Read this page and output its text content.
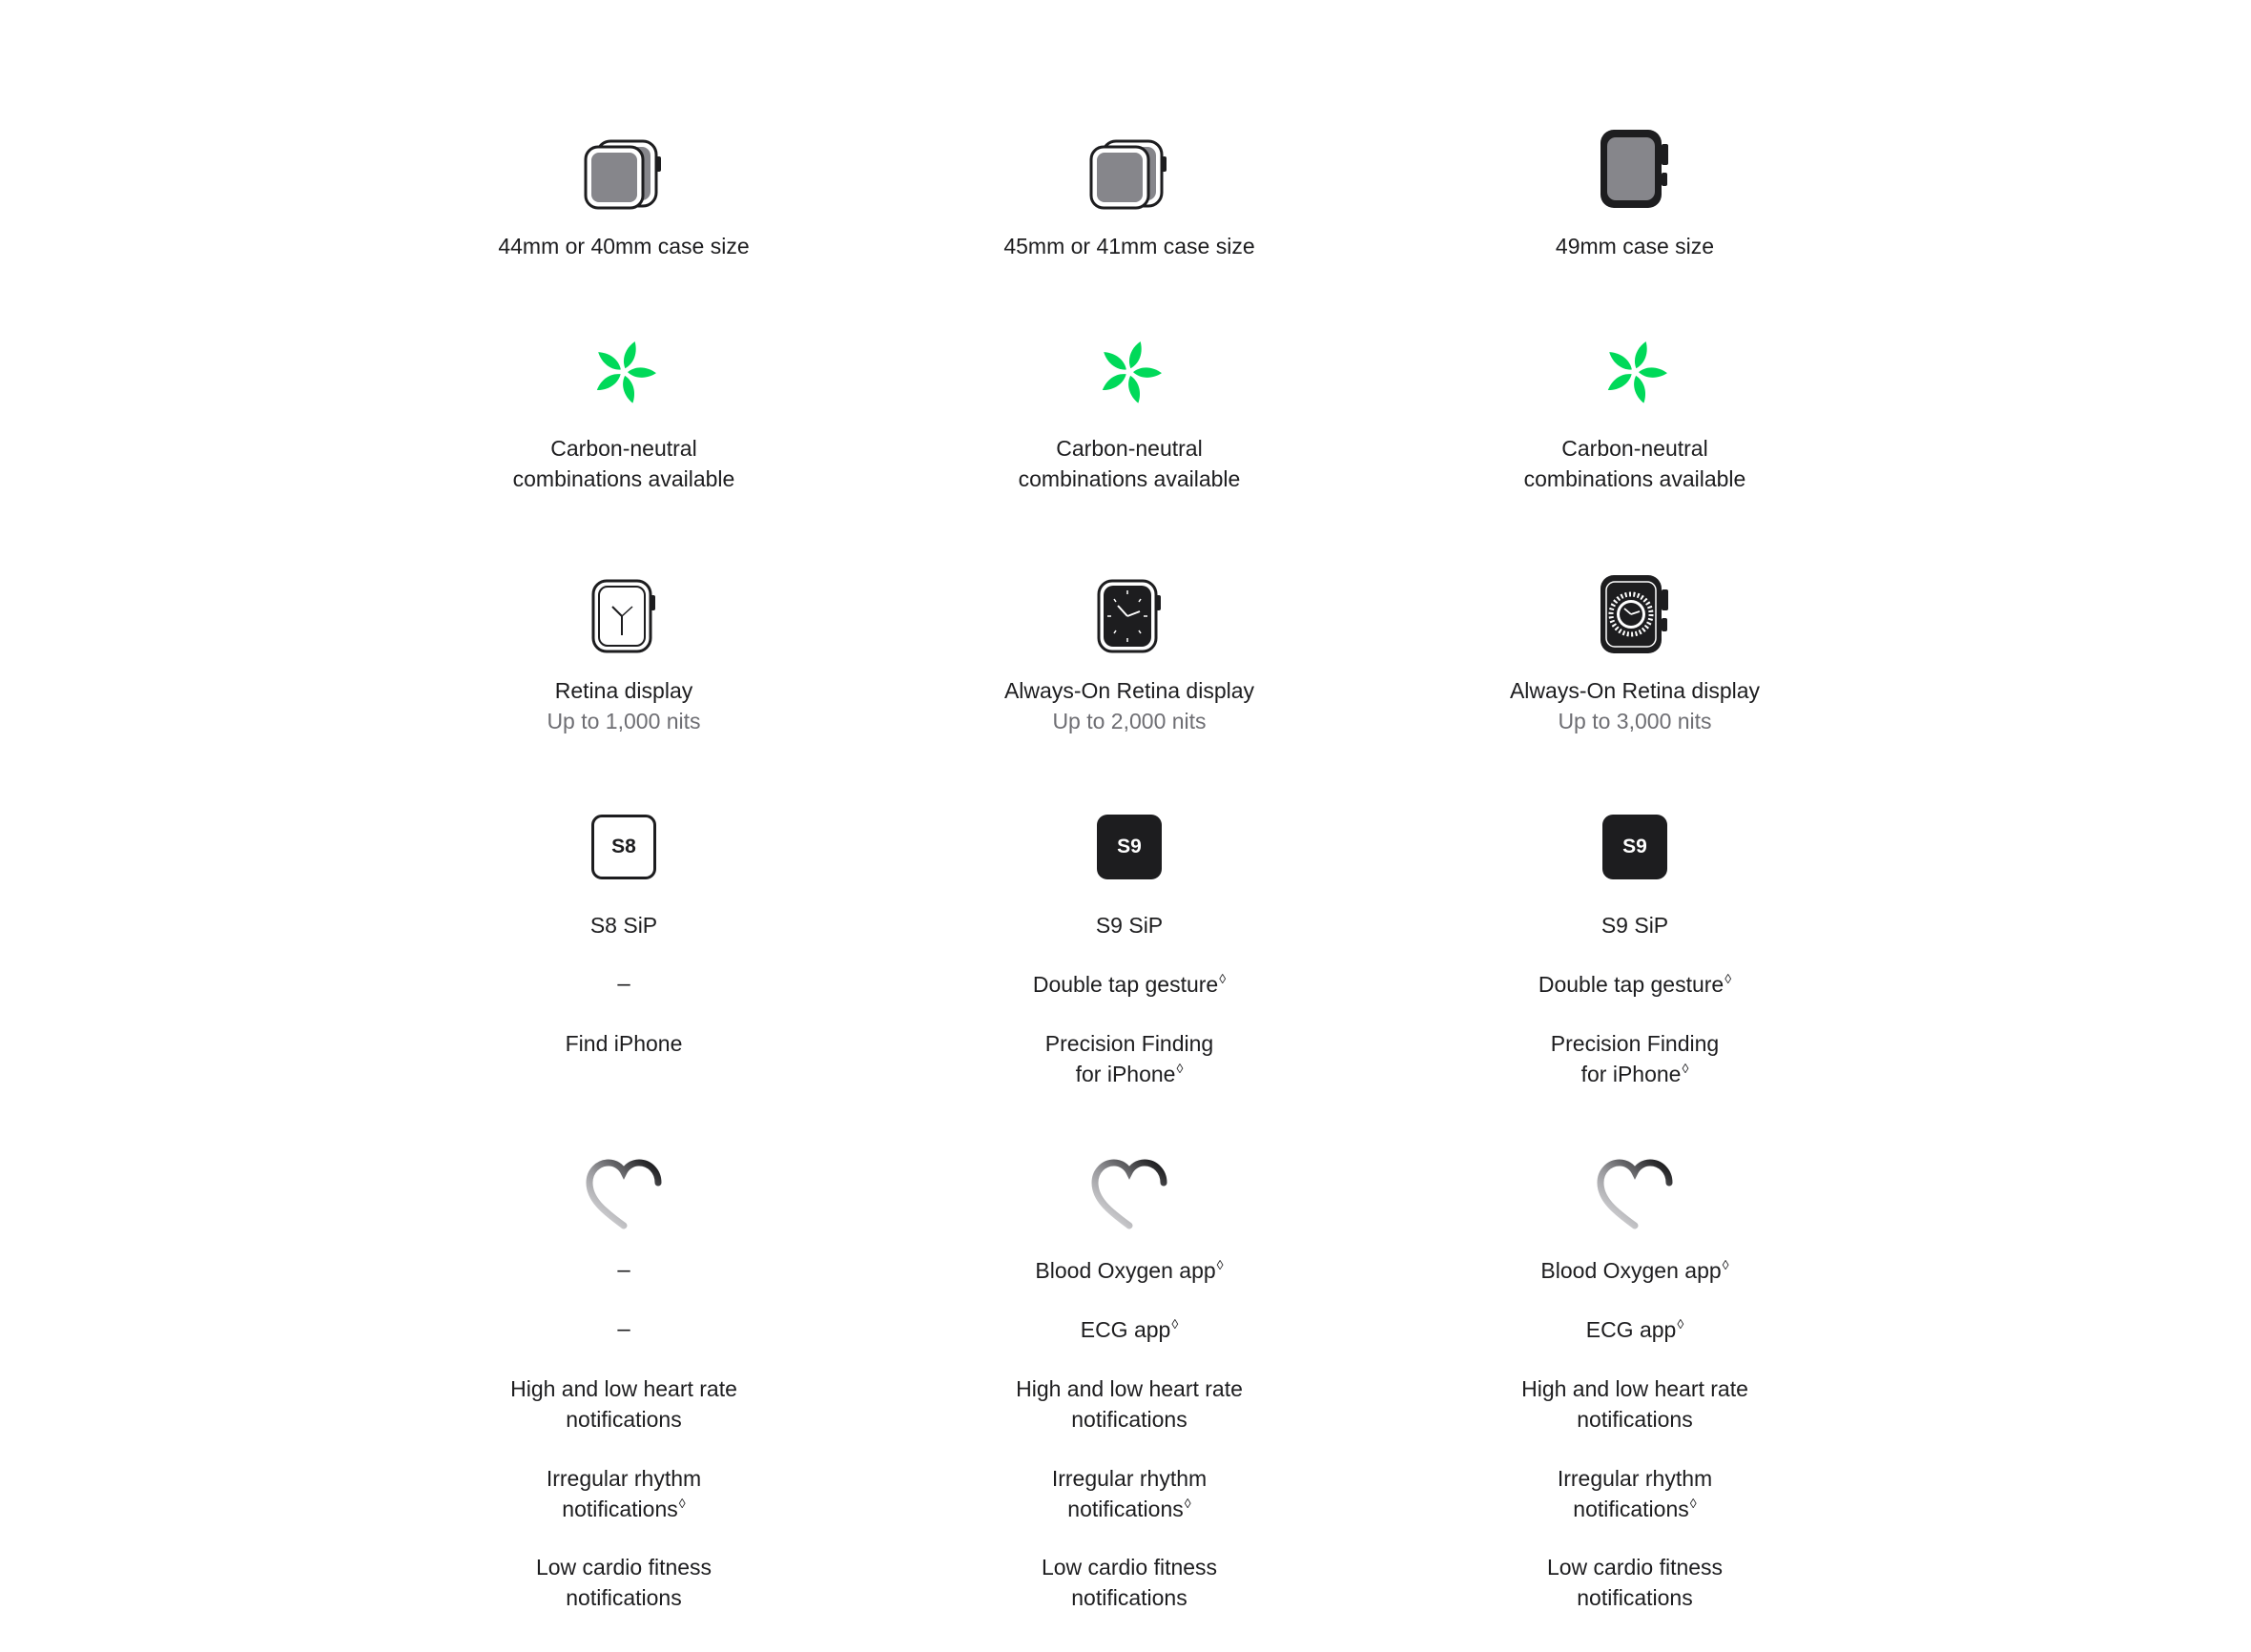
44mm or 40mm case size
Carbon-neutral
combinations available
Retina display
Up to 1,000 nits
S8
S8 SiP
–
Find iPhone
–
–
High and low heart rate
notifications
Irregular rhythm
notifications◊
Low cardio fitness
notifications
45mm or 41mm case size
Carbon-neutral
combinations available
Always-On Retina display
Up to 2,000 nits
S9
S9 SiP
Double tap gesture◊
Precision Finding
for iPhone◊
Blood Oxygen app◊
ECG app◊
High and low heart rate
notifications
Irregular rhythm
notifications◊
Low cardio fitness
notifications
49mm case size
Carbon-neutral
combinations available
Always-On Retina display
Up to 3,000 nits
S9
S9 SiP
Double tap gesture◊
Precision Finding
for iPhone◊
Blood Oxygen app◊
ECG app◊
High and low heart rate
notifications
Irregular rhythm
notifications◊
Low cardio fitness
notifications
